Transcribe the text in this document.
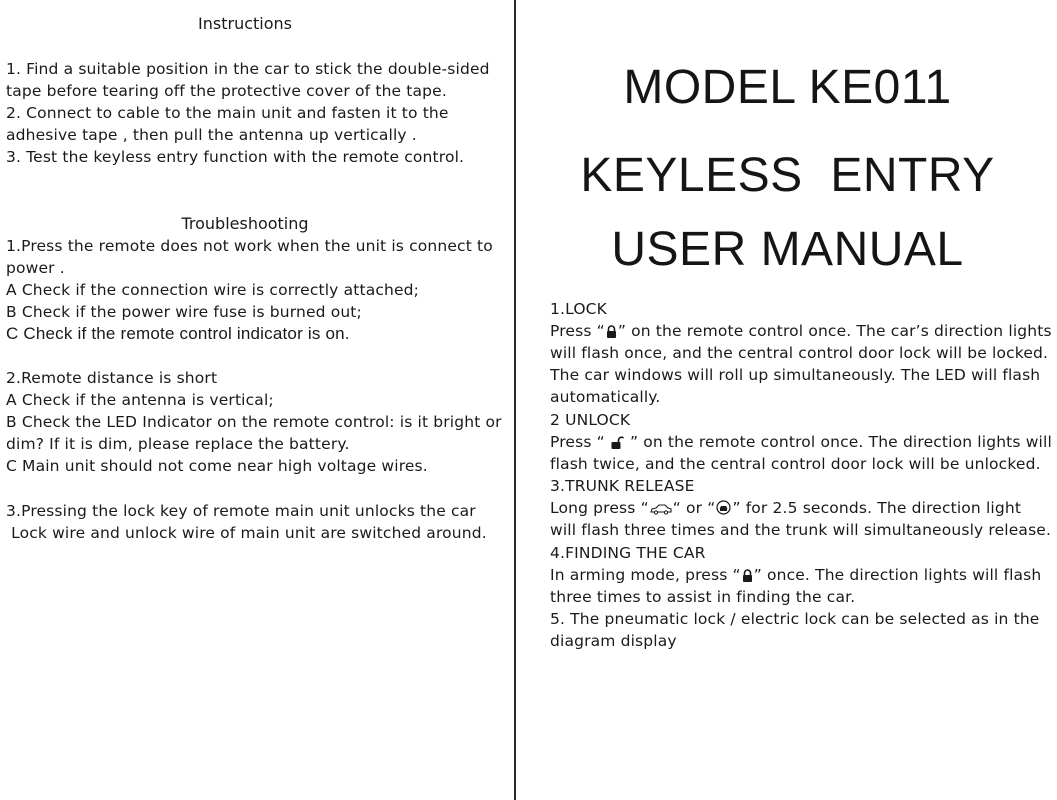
Instructions
1. Find a suitable position in the car to stick the double-sided
tape before tearing off the protective cover of the tape.
2. Connect to cable to the main unit and fasten it to the
adhesive tape , then pull the antenna up vertically .
3. Test the keyless entry function with the remote control.
Troubleshooting
1.Press the remote does not work when the unit is connect to
power .
A Check if the connection wire is correctly attached;
B Check if the power wire fuse is burned out;
C Check if the remote control indicator is on.
2.Remote distance is short
A Check if the antenna is vertical;
B Check the LED Indicator on the remote control: is it bright or
dim? If it is dim, please replace the battery.
C Main unit should not come near high voltage wires.
3.Pressing the lock key of remote main unit unlocks the car
Lock wire and unlock wire of main unit are switched around.
MODEL KE011
KEYLESS  ENTRY
USER MANUAL
1.LOCK
Press “ ” on the remote control once. The car’s direction lights
will flash once, and the central control door lock will be locked.
The car windows will roll up simultaneously. The LED will flash
automatically.
2 UNLOCK
Press “  ” on the remote control once. The direction lights will
flash twice, and the central control door lock will be unlocked.
3.TRUNK RELEASE
Long press “ “ or “ ” for 2.5 seconds. The direction light
will flash three times and the trunk will simultaneously release.
4.FINDING THE CAR
In arming mode, press “ ” once. The direction lights will flash
three times to assist in finding the car.
5. The pneumatic lock / electric lock can be selected as in the
diagram display
